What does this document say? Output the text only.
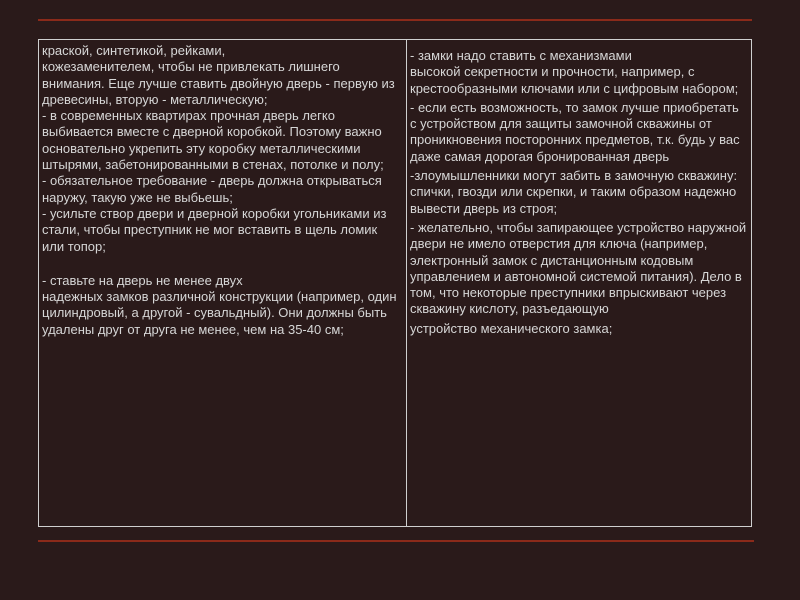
краской, синтетикой, рейками,
кожезаменителем, чтобы не привлекать лишнего внимания. Еще лучше ставить двойную дверь - первую из древесины, вторую - металлическую;

- в современных квартирах прочная дверь легко выбивается вместе с дверной коробкой. Поэтому важно основательно укрепить эту коробку металлическими штырями, забетонированными в стенах, потолке и полу;

- обязательное требование - дверь должна открываться наружу, такую уже не выбьешь;

- усильте створ двери и дверной коробки угольниками из стали, чтобы преступник не мог вставить в щель ломик или топор;

- ставьте на дверь не менее двух
надежных замков различной конструкции (например, один цилиндровый, а другой - сувальдный). Они должны быть удалены друг от друга не менее, чем на 35-40 см;

- замки надо ставить с механизмами
высокой секретности и прочности, например, с крестообразными ключами или с цифровым набором;

- если есть возможность, то замок лучше приобретать с устройством для защиты замочной скважины от проникновения посторонних предметов, т.к. будь у вас даже самая дорогая бронированная дверь

-злоумышленники могут забить в замочную скважину: спички, гвозди или скрепки, и таким образом надежно вывести дверь из строя;

- желательно, чтобы запирающее устройство наружной двери не имело отверстия для ключа (например, электронный замок с дистанционным кодовым управлением и автономной системой питания). Дело в том, что некоторые преступники впрыскивают через скважину кислоту, разъедающую

устройство механического замка;
